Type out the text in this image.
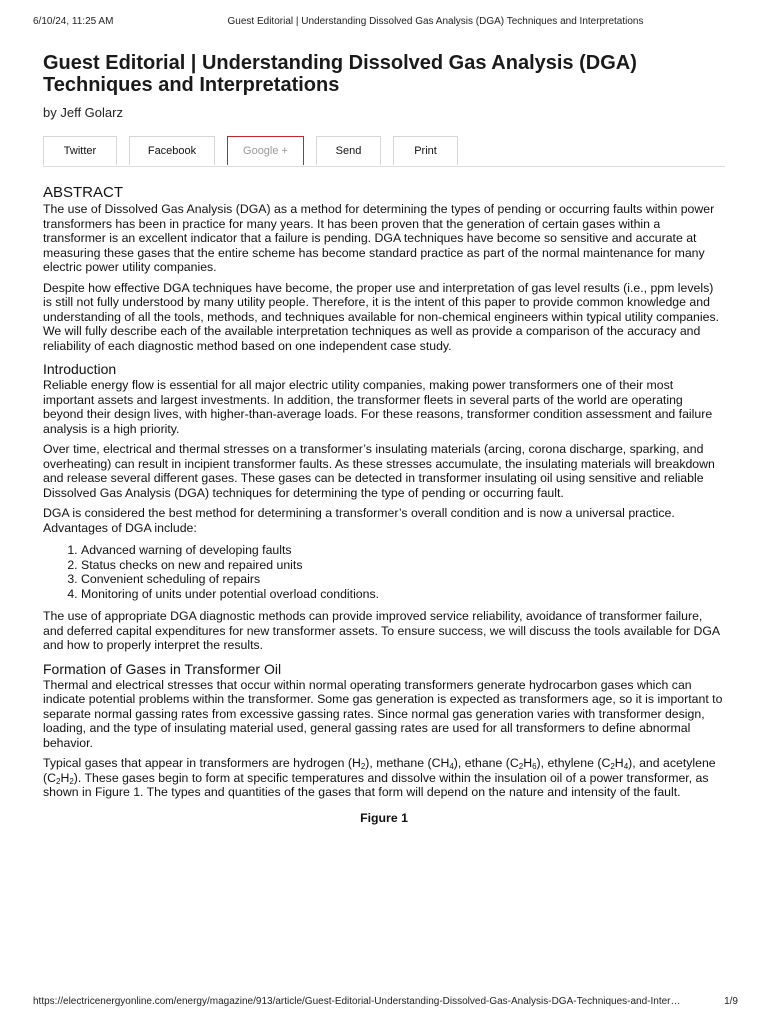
6/10/24, 11:25 AM	Guest Editorial | Understanding Dissolved Gas Analysis (DGA) Techniques and Interpretations
Guest Editorial | Understanding Dissolved Gas Analysis (DGA) Techniques and Interpretations
by Jeff Golarz
Twitter	Facebook	Google +	Send	Print
ABSTRACT

The use of Dissolved Gas Analysis (DGA) as a method for determining the types of pending or occurring faults within power transformers has been in practice for many years. It has been proven that the generation of certain gases within a transformer is an excellent indicator that a failure is pending. DGA techniques have become so sensitive and accurate at measuring these gases that the entire scheme has become standard practice as part of the normal maintenance for many electric power utility companies.

Despite how effective DGA techniques have become, the proper use and interpretation of gas level results (i.e., ppm levels) is still not fully understood by many utility people. Therefore, it is the intent of this paper to provide common knowledge and understanding of all the tools, methods, and techniques available for non-chemical engineers within typical utility companies. We will fully describe each of the available interpretation techniques as well as provide a comparison of the accuracy and reliability of each diagnostic method based on one independent case study.

Introduction

Reliable energy flow is essential for all major electric utility companies, making power transformers one of their most important assets and largest investments. In addition, the transformer fleets in several parts of the world are operating beyond their design lives, with higher-than-average loads. For these reasons, transformer condition assessment and failure analysis is a high priority.

Over time, electrical and thermal stresses on a transformer’s insulating materials (arcing, corona discharge, sparking, and overheating) can result in incipient transformer faults. As these stresses accumulate, the insulating materials will breakdown and release several different gases. These gases can be detected in transformer insulating oil using sensitive and reliable Dissolved Gas Analysis (DGA) techniques for determining the type of pending or occurring fault.

DGA is considered the best method for determining a transformer’s overall condition and is now a universal practice. Advantages of DGA include:

1. Advanced warning of developing faults
2. Status checks on new and repaired units
3. Convenient scheduling of repairs
4. Monitoring of units under potential overload conditions.

The use of appropriate DGA diagnostic methods can provide improved service reliability, avoidance of transformer failure, and deferred capital expenditures for new transformer assets. To ensure success, we will discuss the tools available for DGA and how to properly interpret the results.

Formation of Gases in Transformer Oil

Thermal and electrical stresses that occur within normal operating transformers generate hydrocarbon gases which can indicate potential problems within the transformer. Some gas generation is expected as transformers age, so it is important to separate normal gassing rates from excessive gassing rates. Since normal gas generation varies with transformer design, loading, and the type of insulating material used, general gassing rates are used for all transformers to define abnormal behavior.

Typical gases that appear in transformers are hydrogen $(H_2)$, methane $(CH_4)$, ethane $(C_2H_6)$, ethylene $(C_2H_4)$, and acetylene $(C_2H_2)$. These gases begin to form at specific temperatures and dissolve within the insulation oil of a power transformer, as shown in Figure 1. The types and quantities of the gases that form will depend on the nature and intensity of the fault.

Figure 1
https://electricenergyonline.com/energy/magazine/913/article/Guest-Editorial-Understanding-Dissolved-Gas-Analysis-DGA-Techniques-and-Inter…	1/9
